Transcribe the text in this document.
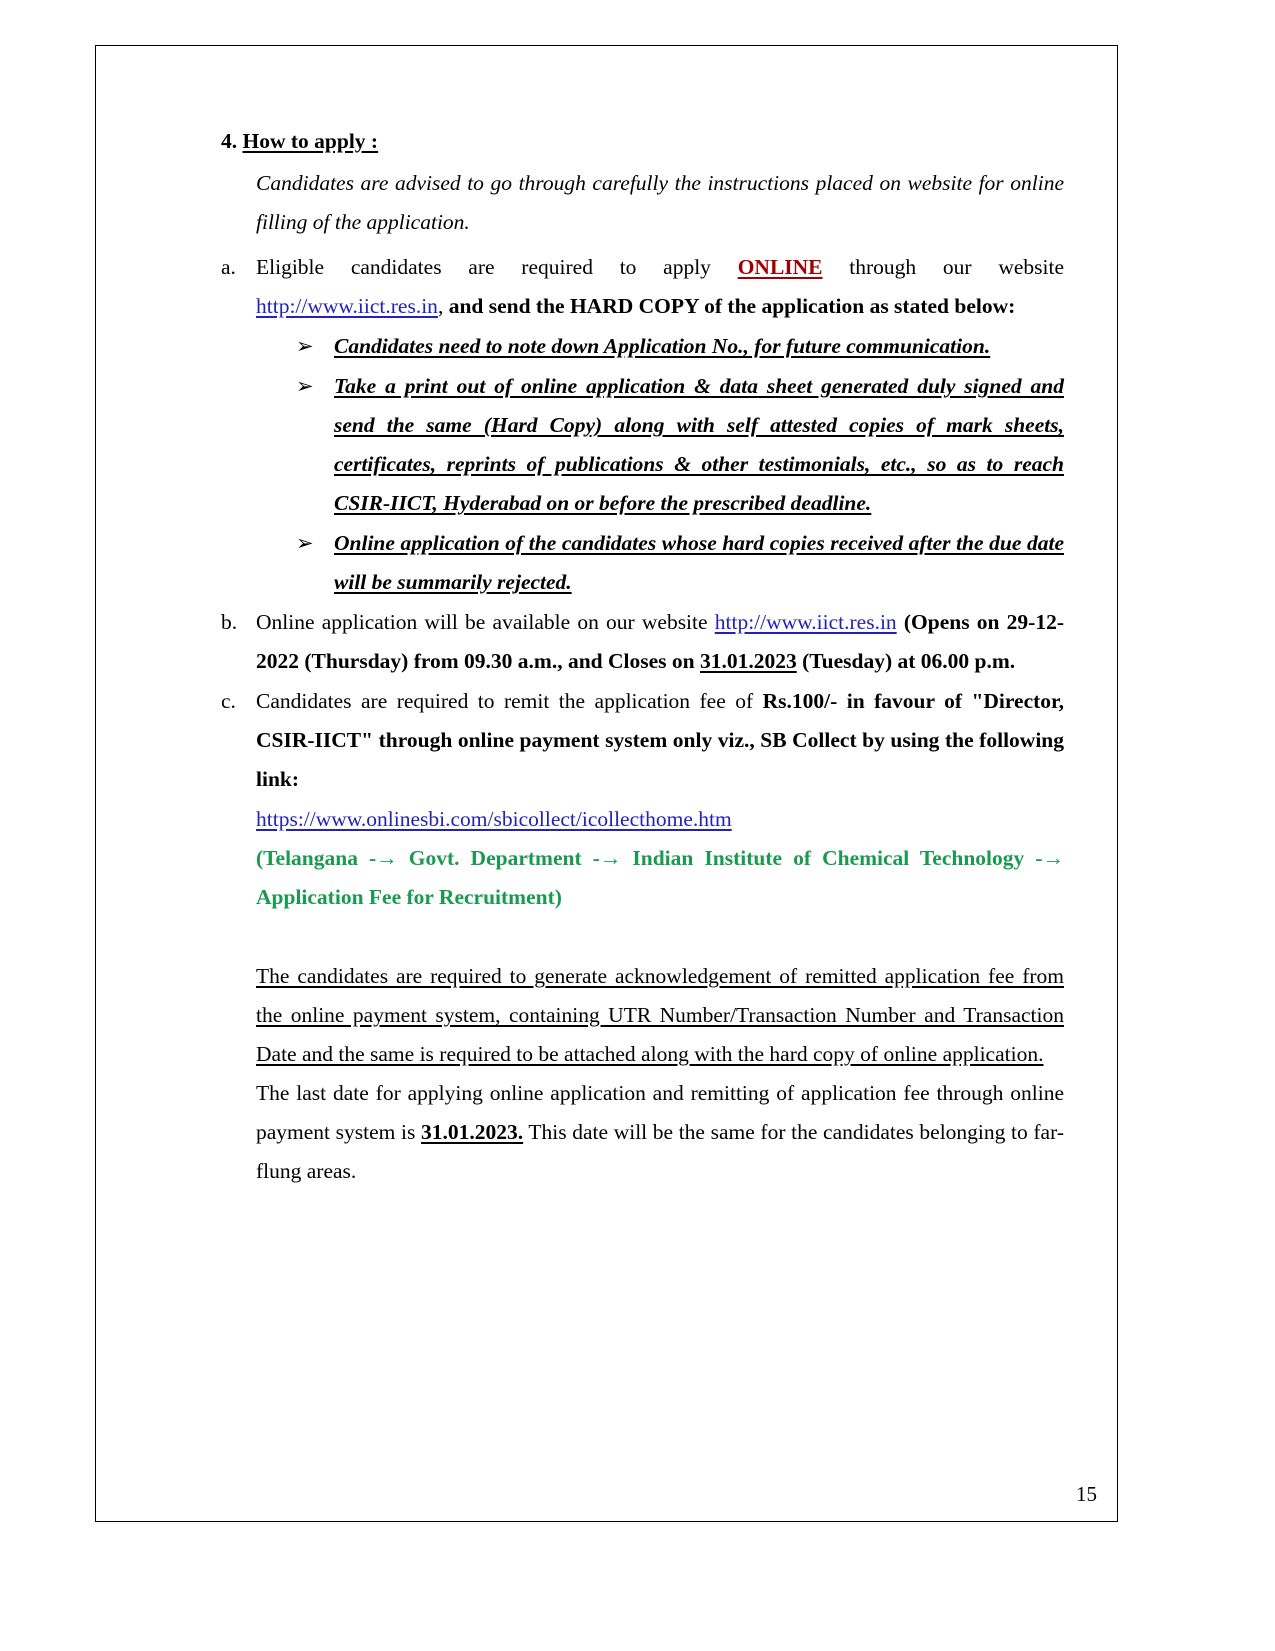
4. How to apply :

Candidates are advised to go through carefully the instructions placed on website for online filling of the application.

a. Eligible candidates are required to apply ONLINE through our website http://www.iict.res.in, and send the HARD COPY of the application as stated below:
➢ Candidates need to note down Application No., for future communication.
➢ Take a print out of online application & data sheet generated duly signed and send the same (Hard Copy) along with self attested copies of mark sheets, certificates, reprints of publications & other testimonials, etc., so as to reach CSIR-IICT, Hyderabad on or before the prescribed deadline.
➢ Online application of the candidates whose hard copies received after the due date will be summarily rejected.
b. Online application will be available on our website http://www.iict.res.in (Opens on 29-12-2022 (Thursday) from 09.30 a.m., and Closes on 31.01.2023 (Tuesday) at 06.00 p.m.
c. Candidates are required to remit the application fee of Rs.100/- in favour of "Director, CSIR-IICT" through online payment system only viz., SB Collect by using the following link:
https://www.onlinesbi.com/sbicollect/icollecthome.htm
(Telangana -→ Govt. Department -→ Indian Institute of Chemical Technology -→ Application Fee for Recruitment)
The candidates are required to generate acknowledgement of remitted application fee from the online payment system, containing UTR Number/Transaction Number and Transaction Date and the same is required to be attached along with the hard copy of online application.
The last date for applying online application and remitting of application fee through online payment system is 31.01.2023. This date will be the same for the candidates belonging to far-flung areas.
15
